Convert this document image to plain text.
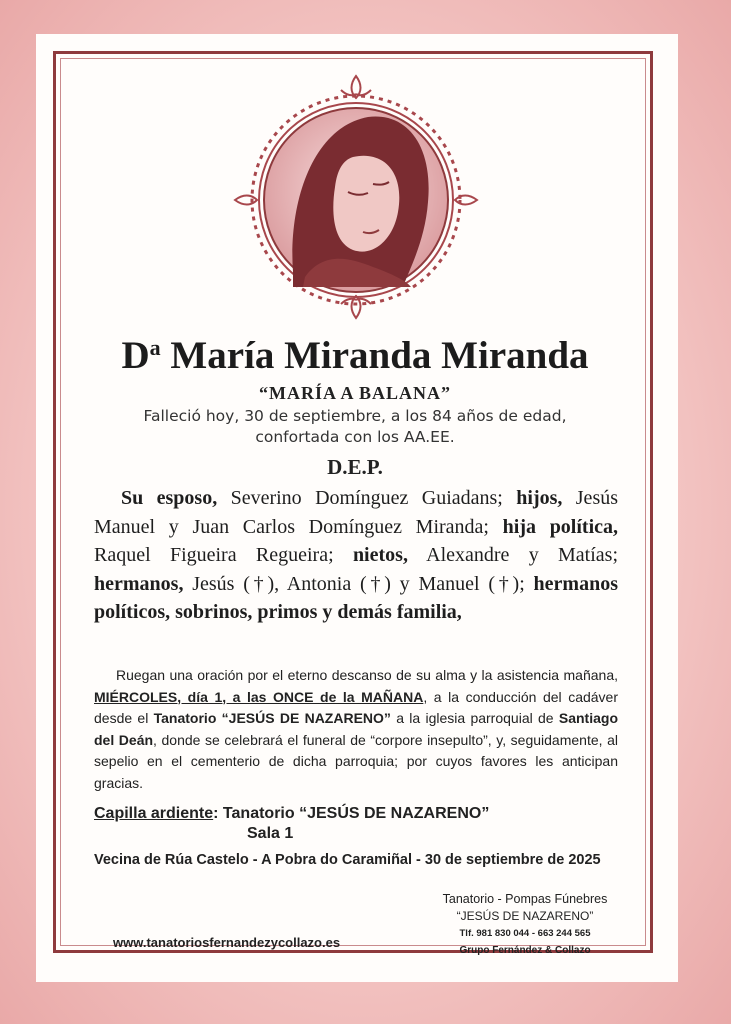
$D^a$ María Miranda Miranda
“MARÍA A BALANA”
Falleció hoy, 30 de septiembre, a los 84 años de edad,
confortada con los AA.EE.
D.E.P.
Su esposo, Severino Domínguez Guiadans; hijos, Jesús Manuel y Juan Carlos Domínguez Miranda; hija política, Raquel Figueira Regueira; nietos, Alexandre y Matías; hermanos, Jesús (†), Antonia (†) y Manuel (†); hermanos políticos, sobrinos, primos y demás familia,
Ruegan una oración por el eterno descanso de su alma y la asistencia mañana, MIÉRCOLES, día 1, a las ONCE de la MAÑANA, a la conducción del cadáver desde el Tanatorio “JESÚS DE NAZARENO” a la iglesia parroquial de Santiago del Deán, donde se celebrará el funeral de “corpore insepulto”, y, seguidamente, al sepelio en el cementerio de dicha parroquia; por cuyos favores les anticipan gracias.
Capilla ardiente: Tanatorio “JESÚS DE NAZARENO”
Sala 1
Vecina de Rúa Castelo - A Pobra do Caramiñal - 30 de septiembre de 2025
Tanatorio - Pompas Fúnebres
“JESÚS DE NAZARENO”
Tlf. 981 830 044 - 663 244 565
Grupo Fernández & Collazo
www.tanatoriosfernandezycollazo.es
